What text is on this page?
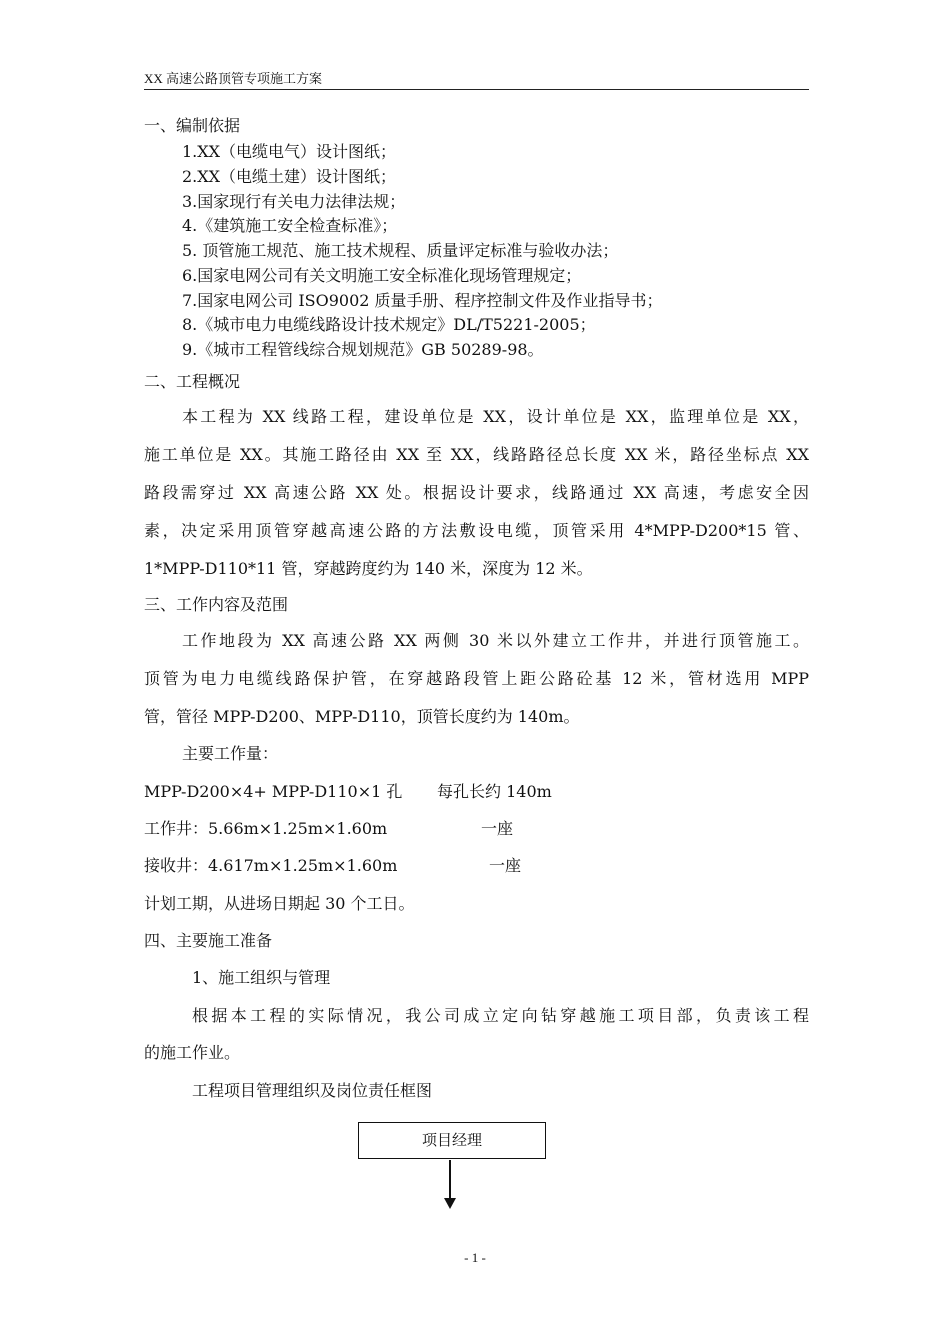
XX 高速公路顶管专项施工方案
一、编制依据
1.XX（电缆电气）设计图纸；
2.XX（电缆土建）设计图纸；
3.国家现行有关电力法律法规；
4.《建筑施工安全检查标准》；
5. 顶管施工规范、施工技术规程、质量评定标准与验收办法；
6.国家电网公司有关文明施工安全标准化现场管理规定；
7.国家电网公司 ISO9002 质量手册、程序控制文件及作业指导书；
8.《城市电力电缆线路设计技术规定》DL/T5221-2005；
9.《城市工程管线综合规划规范》GB 50289-98。
二、工程概况
本工程为 XX 线路工程，建设单位是 XX，设计单位是 XX，监理单位是 XX，
施工单位是 XX。其施工路径由 XX 至 XX，线路路径总长度 XX 米，路径坐标点 XX
路段需穿过 XX 高速公路 XX 处。根据设计要求，线路通过 XX 高速，考虑安全因
素，决定采用顶管穿越高速公路的方法敷设电缆，顶管采用 4*MPP-D200*15 管、
1*MPP-D110*11 管，穿越跨度约为 140 米，深度为 12 米。
三、工作内容及范围
工作地段为 XX 高速公路 XX 两侧 30 米以外建立工作井，并进行顶管施工。
顶管为电力电缆线路保护管，在穿越路段管上距公路砼基 12 米，管材选用 MPP
管，管径 MPP-D200、MPP-D110，顶管长度约为 140m。
主要工作量：
MPP-D200×4+ MPP-D110×1 孔 每孔长约 140m
工作井：5.66m×1.25m×1.60m	一座
接收井：4.617m×1.25m×1.60m	一座
计划工期，从进场日期起 30 个工日。
四、主要施工准备
1、施工组织与管理
根据本工程的实际情况，我公司成立定向钻穿越施工项目部，负责该工程
的施工作业。
工程项目管理组织及岗位责任框图
项目经理
- 1 -
